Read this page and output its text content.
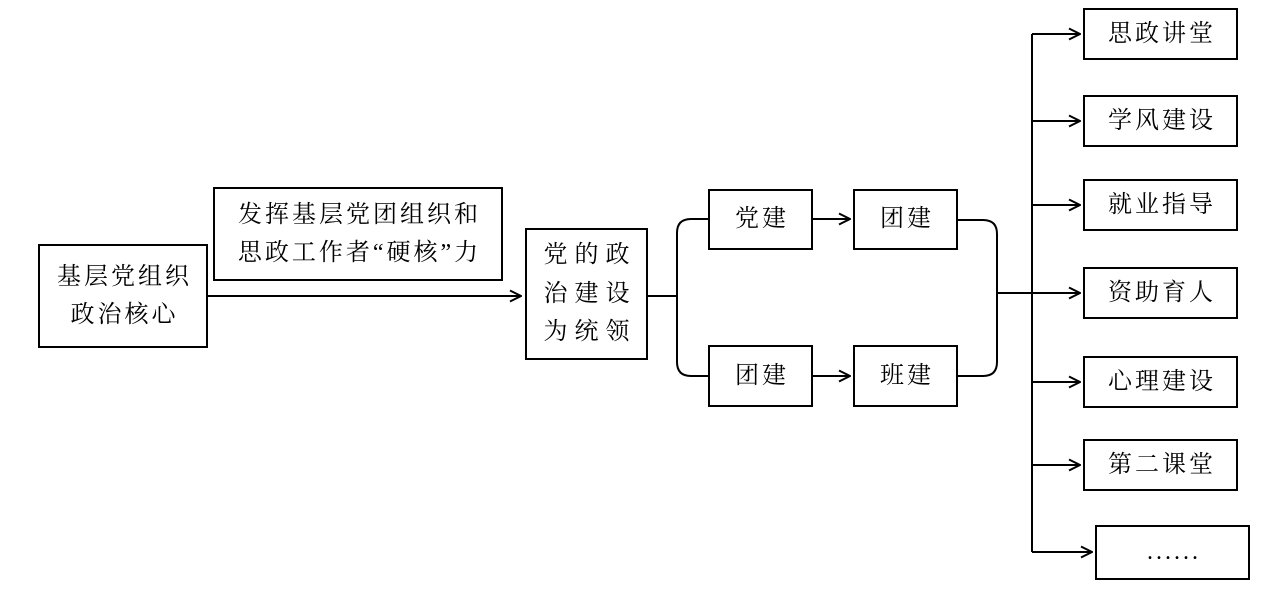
基层党组织
政治核心
发挥基层党团组织和
思政工作者“硬核”力	党的政
治建设
为统领
党建	团建
团建	班建
思政讲堂
学风建设
就业指导
资助育人
心理建设
第二课堂
......
